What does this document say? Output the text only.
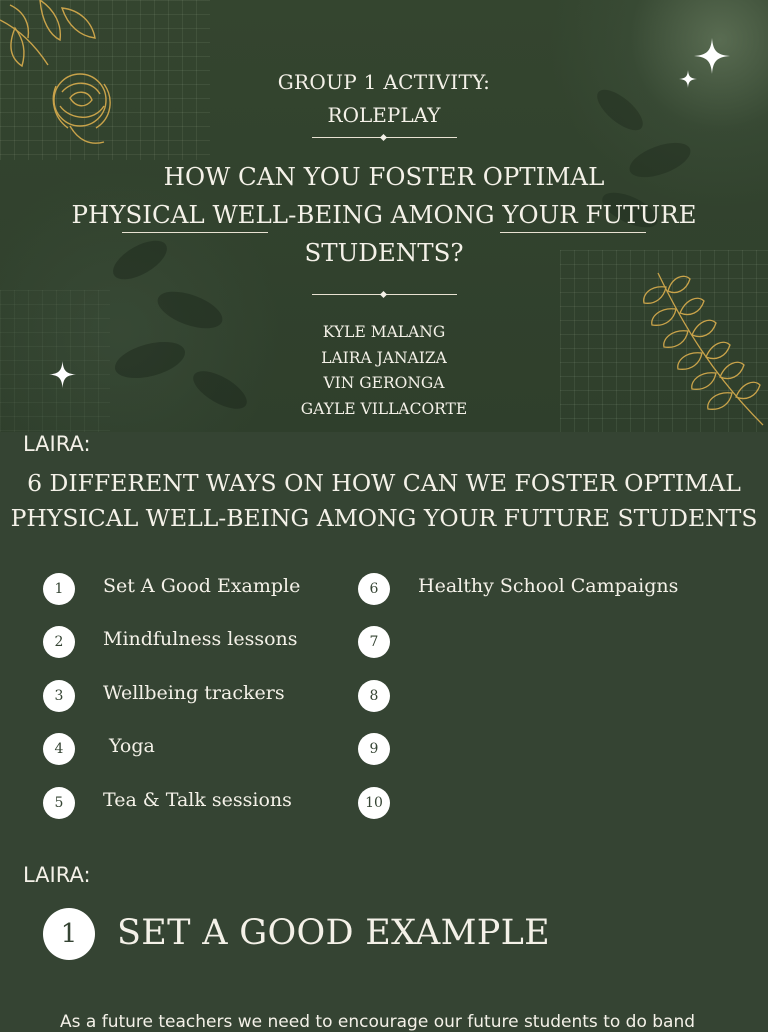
GROUP 1 ACTIVITY:
ROLEPLAY
HOW CAN YOU FOSTER OPTIMAL
PHYSICAL WELL-BEING AMONG YOUR FUTURE
STUDENTS?
KYLE MALANG
LAIRA JANAIZA
VIN GERONGA
GAYLE VILLACORTE
LAIRA:
6 DIFFERENT WAYS ON HOW CAN WE FOSTER OPTIMAL
PHYSICAL WELL-BEING AMONG YOUR FUTURE STUDENTS
1	Set A Good Example
2	Mindfulness lessons
3	Wellbeing trackers
4	Yoga
5	Tea & Talk sessions
6	Healthy School Campaigns
7
8
9
10
LAIRA:
1	SET A GOOD EXAMPLE
As a future teachers we need to encourage our future students to do band
